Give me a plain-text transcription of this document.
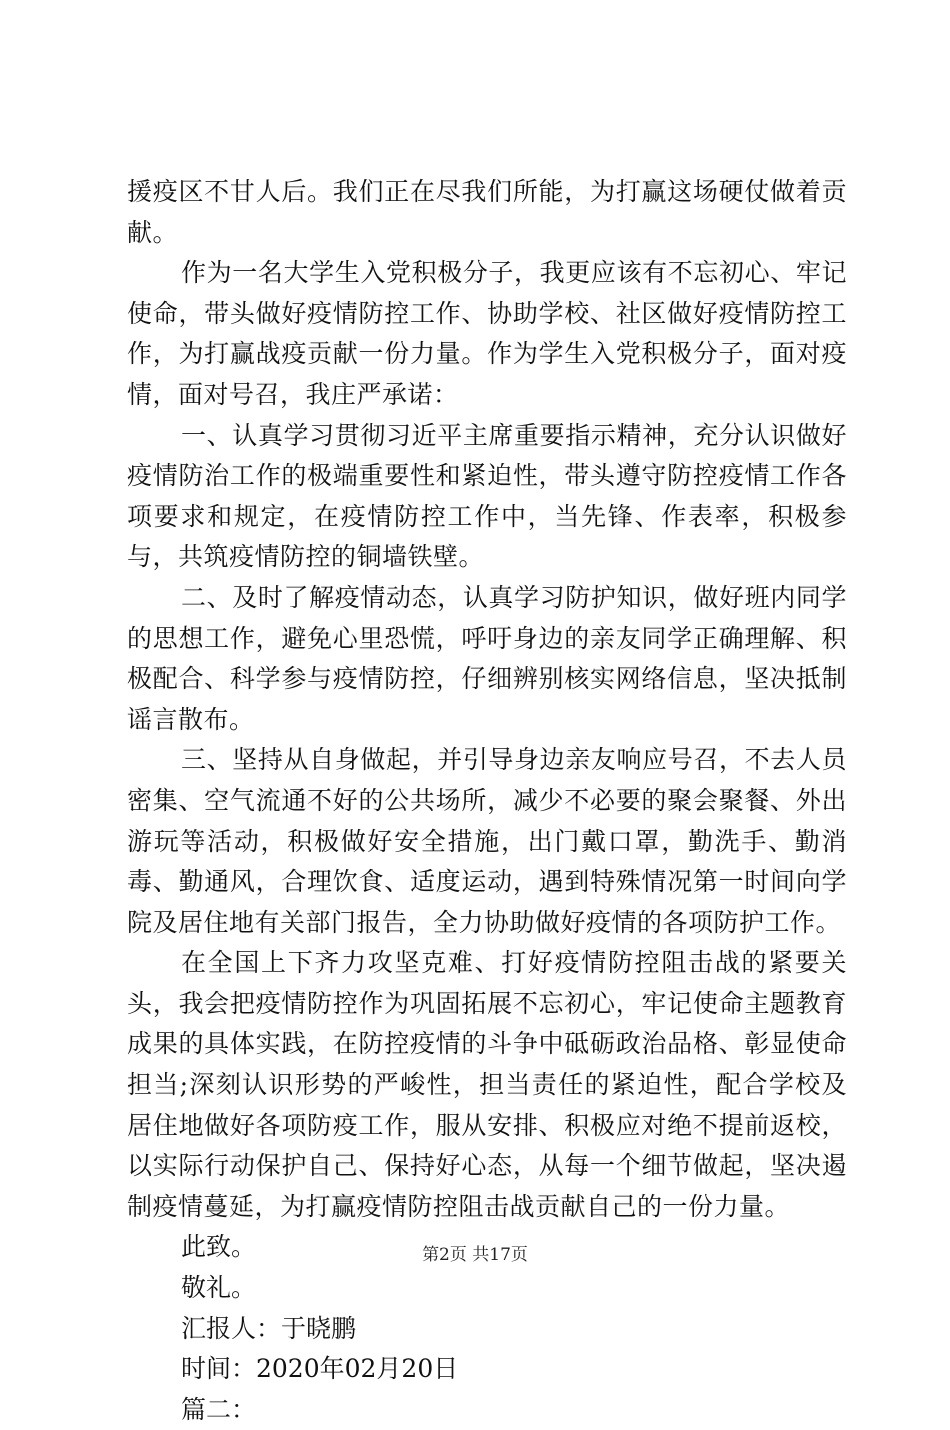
援疫区不甘人后。我们正在尽我们所能，为打赢这场硬仗做着贡献。

作为一名大学生入党积极分子，我更应该有不忘初心、牢记使命，带头做好疫情防控工作、协助学校、社区做好疫情防控工作，为打赢战疫贡献一份力量。作为学生入党积极分子，面对疫情，面对号召，我庄严承诺：

一、认真学习贯彻习近平主席重要指示精神，充分认识做好疫情防治工作的极端重要性和紧迫性，带头遵守防控疫情工作各项要求和规定，在疫情防控工作中，当先锋、作表率，积极参与，共筑疫情防控的铜墙铁壁。

二、及时了解疫情动态，认真学习防护知识，做好班内同学的思想工作，避免心里恐慌，呼吁身边的亲友同学正确理解、积极配合、科学参与疫情防控，仔细辨别核实网络信息，坚决抵制谣言散布。

三、坚持从自身做起，并引导身边亲友响应号召，不去人员密集、空气流通不好的公共场所，减少不必要的聚会聚餐、外出游玩等活动，积极做好安全措施，出门戴口罩，勤洗手、勤消毒、勤通风，合理饮食、适度运动，遇到特殊情况第一时间向学院及居住地有关部门报告，全力协助做好疫情的各项防护工作。

在全国上下齐力攻坚克难、打好疫情防控阻击战的紧要关头，我会把疫情防控作为巩固拓展不忘初心，牢记使命主题教育成果的具体实践，在防控疫情的斗争中砥砺政治品格、彰显使命担当;深刻认识形势的严峻性，担当责任的紧迫性，配合学校及居住地做好各项防疫工作，服从安排、积极应对绝不提前返校，以实际行动保护自己、保持好心态，从每一个细节做起，坚决遏制疫情蔓延，为打赢疫情防控阻击战贡献自己的一份力量。

此致。

敬礼。

汇报人：于晓鹏

时间：2020年02月20日

篇二：

第2页 共17页
